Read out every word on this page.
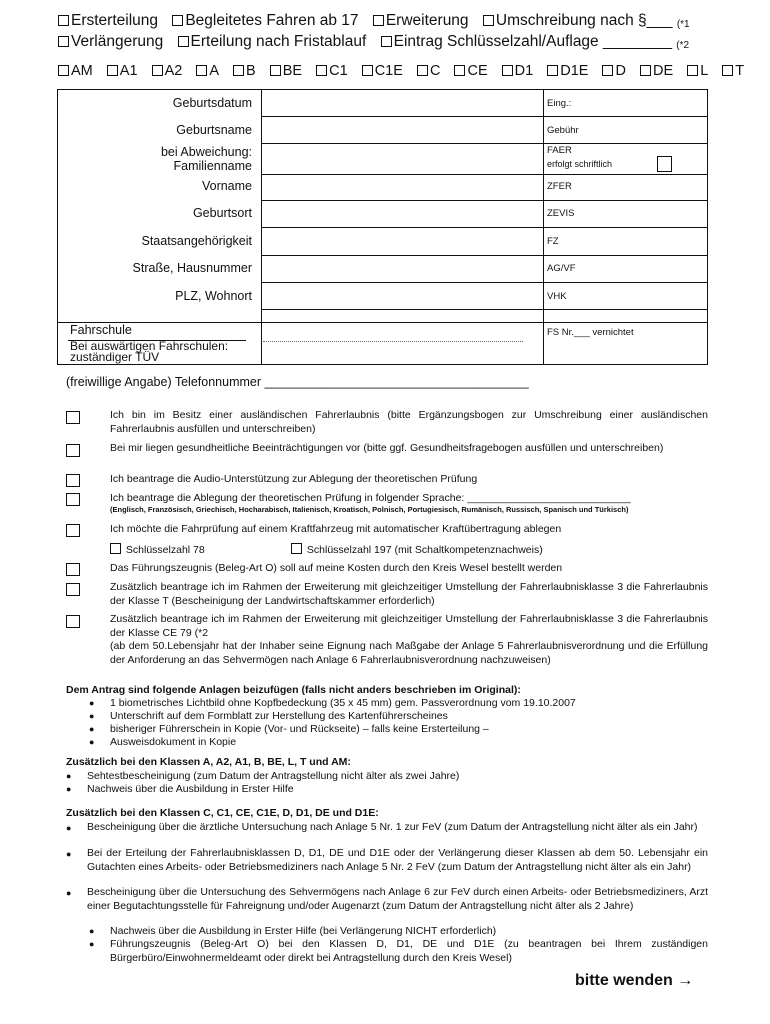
Ersterteilung Begleitetes Fahren ab 17 Erweiterung Umschreibung nach §___ (*1
Verlängerung Erteilung nach Fristablauf Eintrag Schlüsselzahl/Auflage ________ (*2
AM A1 A2 A B BE C1 C1E C CE D1 D1E D DE L T
Geburtsdatum
Geburtsname
bei Abweichung:
Familienname
Vorname
Geburtsort
Staatsangehörigkeit
Straße, Hausnummer
PLZ, Wohnort
Fahrschule
Bei auswärtigen Fahrschulen:
zuständiger TÜV
Eing.:
Gebühr
FAER
erfolgt schriftlich
ZFER
ZEVIS
FZ
AG/VF
VHK
FS Nr.___ vernichtet
(freiwillige Angabe) Telefonnummer ______________________________________
Ich bin im Besitz einer ausländischen Fahrerlaubnis (bitte Ergänzungsbogen zur Umschreibung einer ausländischen Fahrerlaubnis ausfüllen und unterschreiben)
Bei mir liegen gesundheitliche Beeinträchtigungen vor (bitte ggf. Gesundheitsfragebogen ausfüllen und unterschreiben)
Ich beantrage die Audio-Unterstützung zur Ablegung der theoretischen Prüfung
Ich beantrage die Ablegung der theoretischen Prüfung in folgender Sprache: ____________________________
(Englisch, Französisch, Griechisch, Hocharabisch, Italienisch, Kroatisch, Polnisch, Portugiesisch, Rumänisch, Russisch, Spanisch und Türkisch)
Ich möchte die Fahrprüfung auf einem Kraftfahrzeug mit automatischer Kraftübertragung ablegen
Schlüsselzahl 78	Schlüsselzahl 197 (mit Schaltkompetenznachweis)
Das Führungszeugnis (Beleg-Art O) soll auf meine Kosten durch den Kreis Wesel bestellt werden
Zusätzlich beantrage ich im Rahmen der Erweiterung mit gleichzeitiger Umstellung der Fahrerlaubnisklasse 3 die Fahrerlaubnis der Klasse T (Bescheinigung der Landwirtschaftskammer erforderlich)
Zusätzlich beantrage ich im Rahmen der Erweiterung mit gleichzeitiger Umstellung der Fahrerlaubnisklasse 3 die Fahrerlaubnis der Klasse CE 79 (*2
(ab dem 50.Lebensjahr hat der Inhaber seine Eignung nach Maßgabe der Anlage 5 Fahrerlaubnisverordnung und die Erfüllung der Anforderung an das Sehvermögen nach Anlage 6 Fahrerlaubnisverordnung nachzuweisen)
Dem Antrag sind folgende Anlagen beizufügen (falls nicht anders beschrieben im Original):
● 1 biometrisches Lichtbild ohne Kopfbedeckung (35 x 45 mm) gem. Passverordnung vom 19.10.2007
● Unterschrift auf dem Formblatt zur Herstellung des Kartenführerscheines
● bisheriger Führerschein in Kopie (Vor- und Rückseite) – falls keine Ersterteilung –
● Ausweisdokument in Kopie
Zusätzlich bei den Klassen A, A2, A1, B, BE, L, T und AM:
● Sehtestbescheinigung (zum Datum der Antragstellung nicht älter als zwei Jahre)
● Nachweis über die Ausbildung in Erster Hilfe
Zusätzlich bei den Klassen C, C1, CE, C1E, D, D1, DE und D1E:
● Bescheinigung über die ärztliche Untersuchung nach Anlage 5 Nr. 1 zur FeV (zum Datum der Antragstellung nicht älter als ein Jahr)
● Bei der Erteilung der Fahrerlaubnisklassen D, D1, DE und D1E oder der Verlängerung dieser Klassen ab dem 50. Lebensjahr ein Gutachten eines Arbeits- oder Betriebsmediziners nach Anlage 5 Nr. 2 FeV (zum Datum der Antragstellung nicht älter als ein Jahr)
● Bescheinigung über die Untersuchung des Sehvermögens nach Anlage 6 zur FeV durch einen Arbeits- oder Betriebsmediziners, Arzt einer Begutachtungsstelle für Fahreignung und/oder Augenarzt (zum Datum der Antragstellung nicht älter als 2 Jahre)
● Nachweis über die Ausbildung in Erster Hilfe (bei Verlängerung NICHT erforderlich)
● Führungszeugnis (Beleg-Art O) bei den Klassen D, D1, DE und D1E (zu beantragen bei Ihrem zuständigen Bürgerbüro/Einwohnermeldeamt oder direkt bei Antragstellung durch den Kreis Wesel)
bitte wenden →
